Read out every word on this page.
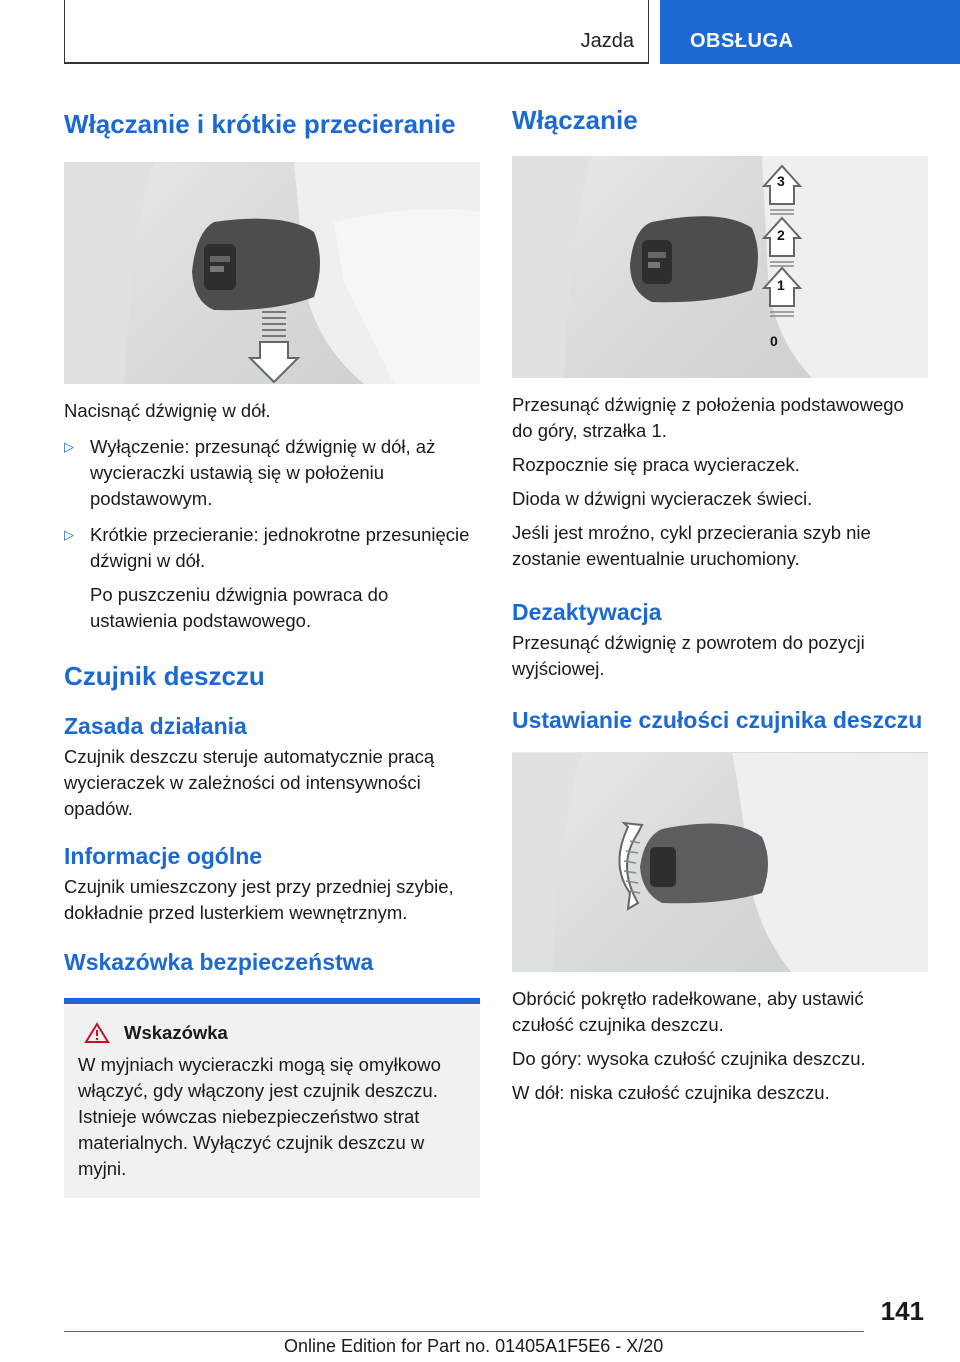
Jazda	OBSŁUGA
Włączanie i krótkie przecieranie

Nacisnąć dźwignię w dół.

▷ Wyłączenie: przesunąć dźwignię w dół, aż wycieraczki ustawią się w położeniu podstawowym.
▷ Krótkie przecieranie: jednokrotne przesunięcie dźwigni w dół.
Po puszczeniu dźwignia powraca do ustawienia podstawowego.
Czujnik deszczu
Zasada działania

Czujnik deszczu steruje automatycznie pracą wycieraczek w zależności od intensywności opadów.

Informacje ogólne

Czujnik umieszczony jest przy przedniej szybie, dokładnie przed lusterkiem wewnętrznym.

Wskazówka bezpieczeństwa
Wskazówka

W myjniach wycieraczki mogą się omyłkowo włączyć, gdy włączony jest czujnik deszczu. Istnieje wówczas niebezpieczeństwo strat materialnych. Wyłączyć czujnik deszczu w myjni.

Włączanie
3
2
1
0

Przesunąć dźwignię z położenia podstawowego do góry, strzałka 1.

Rozpocznie się praca wycieraczek.

Dioda w dźwigni wycieraczek świeci.

Jeśli jest mroźno, cykl przecierania szyb nie zostanie ewentualnie uruchomiony.

Dezaktywacja

Przesunąć dźwignię z powrotem do pozycji wyjściowej.

Ustawianie czułości czujnika deszczu

Obrócić pokrętło radełkowane, aby ustawić czułość czujnika deszczu.

Do góry: wysoka czułość czujnika deszczu.

W dół: niska czułość czujnika deszczu.

141
Online Edition for Part no. 01405A1F5E6 - X/20
